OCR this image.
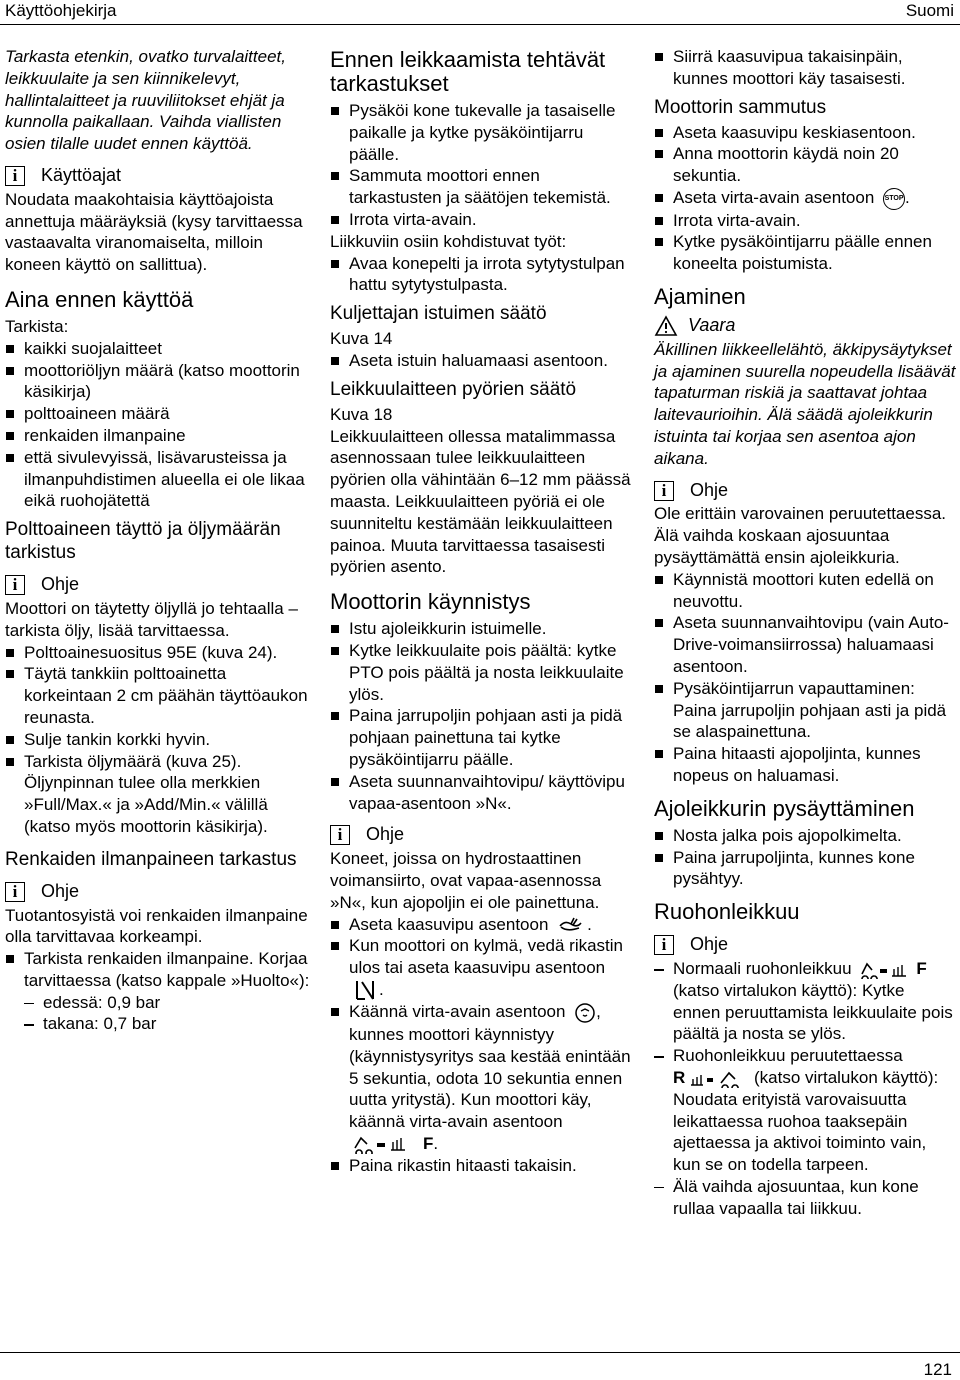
Käyttöohjekirja	Suomi

Tarkasta etenkin, ovatko turvalaitteet, leikkuulaite ja sen kiinnikelevyt, hallintalaitteet ja ruuviliitokset ehjät ja kunnolla paikallaan. Vaihda viallisten osien tilalle uudet ennen käyttöä.

i	Käyttöajat

Noudata maakohtaisia käyttöajoista annettuja määräyksiä (kysy tarvittaessa vastaavalta viranomaiselta, milloin koneen käyttö on sallittua).

Aina ennen käyttöä

Tarkista:

kaikki suojalaitteet
moottoriöljyn määrä (katso moottorin käsikirja)
polttoaineen määrä
renkaiden ilmanpaine
että sivulevyissä, lisävarusteissa ja ilmanpuhdistimen alueella ei ole likaa eikä ruohojätettä
Polttoaineen täyttö ja öljymäärän tarkistus
i	Ohje

Moottori on täytetty öljyllä jo tehtaalla – tarkista öljy, lisää tarvittaessa.

Polttoainesuositus 95E (kuva 24).
Täytä tankkiin polttoainetta korkeintaan 2 cm päähän täyttöaukon reunasta.
Sulje tankin korkki hyvin.
Tarkista öljymäärä (kuva 25). Öljynpinnan tulee olla merkkien »Full/Max.« ja »Add/Min.« välillä (katso myös moottorin käsikirja).
Renkaiden ilmanpaineen tarkastus
i	Ohje

Tuotantosyistä voi renkaiden ilmanpaine olla tarvittavaa korkeampi.

Tarkista renkaiden ilmanpaine. Korjaa tarvittaessa (katso kappale »Huolto«):
edessä: 0,9 bar
takana: 0,7 bar
Ennen leikkaamista tehtävät tarkastukset
Pysäköi kone tukevalle ja tasaiselle paikalle ja kytke pysäköintijarru päälle.
Sammuta moottori ennen tarkastusten ja säätöjen tekemistä.
Irrota virta-avain.

Liikkuviin osiin kohdistuvat työt:

Avaa konepelti ja irrota sytytystulpan hattu sytytystulpasta.
Kuljettajan istuimen säätö

Kuva 14

Aseta istuin haluamaasi asentoon.
Leikkuulaitteen pyörien säätö

Kuva 18

Leikkuulaitteen ollessa matalimmassa asennossaan tulee leikkuulaitteen pyörien olla vähintään 6–12 mm päässä maasta. Leikkuulaitteen pyöriä ei ole suunniteltu kestämään leikkuulaitteen painoa. Muuta tarvittaessa tasaisesti pyörien asento.

Moottorin käynnistys
Istu ajoleikkurin istuimelle.
Kytke leikkuulaite pois päältä: kytke PTO pois päältä ja nosta leikkuulaite ylös.
Paina jarrupoljin pohjaan asti ja pidä pohjaan painettuna tai kytke pysäköintijarru päälle.
Aseta suunnanvaihtovipu/ käyttövipu vapaa-asentoon »N«.
i	Ohje

Koneet, joissa on hydrostaattinen voimansiirto, ovat vapaa-asennossa »N«, kun ajopoljin ei ole painettuna.

Aseta kaasuvipu asentoon .
Kun moottori on kylmä, vedä rikastin ulos tai aseta kaasuvipu asentoon
.
Käännä virta-avain asentoon , kunnes moottori käynnistyy (käynnistysyritys saa kestää enintään 5 sekuntia, odota 10 sekuntia ennen uutta yritystä). Kun moottori käy, käännä virta-avain asentoon
F.
Paina rikastin hitaasti takaisin.
Siirrä kaasuvipua takaisinpäin, kunnes moottori käy tasaisesti.
Moottorin sammutus
Aseta kaasuvipu keskiasentoon.
Anna moottorin käydä noin 20 sekuntia.
Aseta virta-avain asentoon STOP.
Irrota virta-avain.
Kytke pysäköintijarru päälle ennen koneelta poistumista.
Ajaminen
Vaara

Äkillinen liikkeellelähtö, äkkipysäytykset ja ajaminen suurella nopeudella lisäävät tapaturman riskiä ja saattavat johtaa laitevaurioihin. Älä säädä ajoleikkurin istuinta tai korjaa sen asentoa ajon aikana.

i	Ohje

Ole erittäin varovainen peruutettaessa. Älä vaihda koskaan ajosuuntaa pysäyttämättä ensin ajoleikkuria.

Käynnistä moottori kuten edellä on neuvottu.
Aseta suunnanvaihtovipu (vain Auto-Drive-voimansiirrossa) haluamaasi asentoon.
Pysäköintijarrun vapauttaminen: Paina jarrupoljin pohjaan asti ja pidä se alaspainettuna.
Paina hitaasti ajopoljinta, kunnes nopeus on haluamasi.
Ajoleikkurin pysäyttäminen
Nosta jalka pois ajopolkimelta.
Paina jarrupoljinta, kunnes kone pysähtyy.
Ruohonleikkuu
i	Ohje
Normaali ruohonleikkuu	F (katso virtalukon käyttö): Kytke ennen peruuttamista leikkuulaite pois päältä ja nosta se ylös.
Ruohonleikkuu peruutettaessa
R	(katso virtalukon käyttö): Noudata erityistä varovaisuutta leikattaessa ruohoa taaksepäin ajettaessa ja aktivoi toiminto vain, kun se on todella tarpeen.
Älä vaihda ajosuuntaa, kun kone rullaa vapaalla tai liikkuu.
121
